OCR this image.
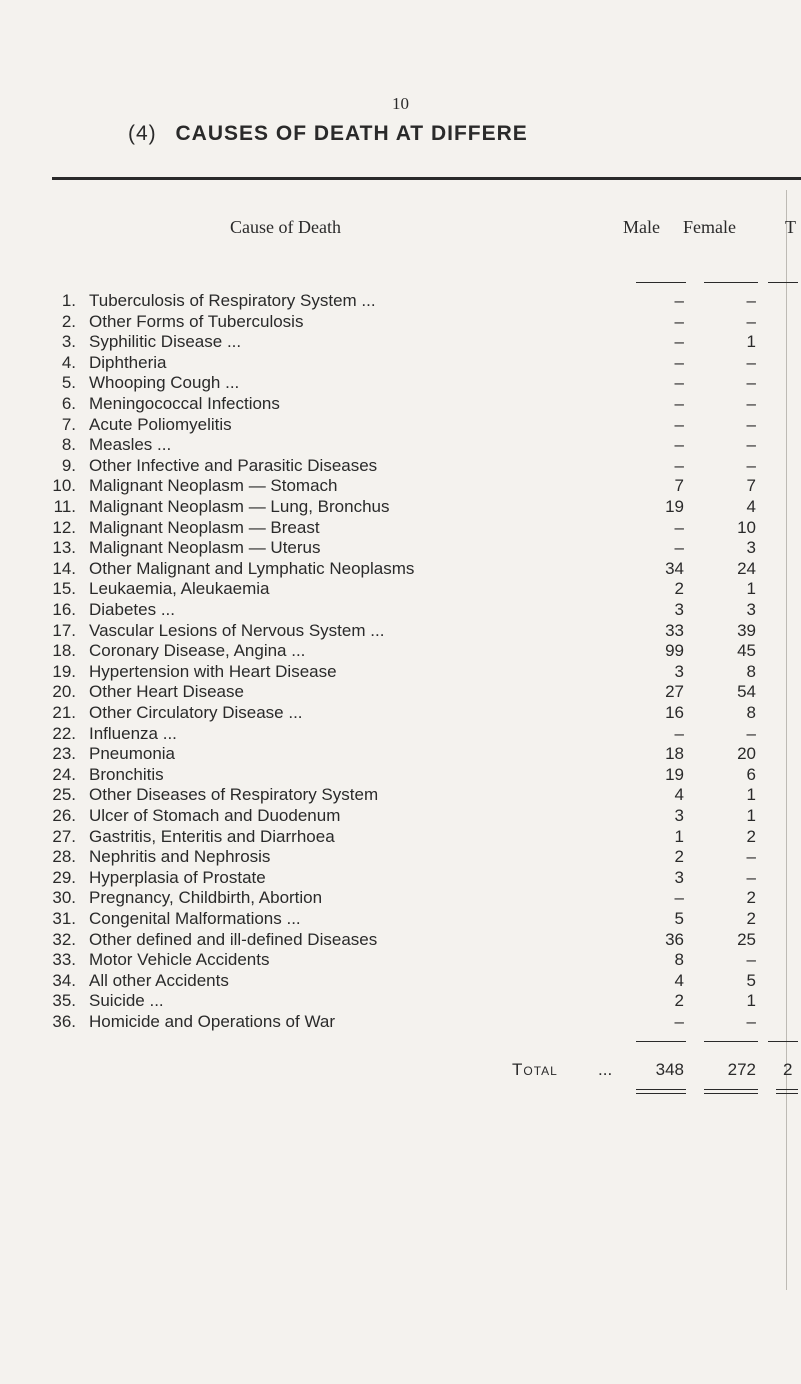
10
(4) CAUSES OF DEATH AT DIFFERE
Cause of Death	Male Female	T
1. Tuberculosis of Respiratory System ...	–	–
2. Other Forms of Tuberculosis	–	–
3. Syphilitic Disease ...	–	1
4. Diphtheria	–	–
5. Whooping Cough ...	–	–
6. Meningococcal Infections	–	–
7. Acute Poliomyelitis	–	–
8. Measles ...	–	–
9. Other Infective and Parasitic Diseases	–	–
10. Malignant Neoplasm — Stomach	7	7
11. Malignant Neoplasm — Lung, Bronchus	19	4
12. Malignant Neoplasm — Breast	–	10
13. Malignant Neoplasm — Uterus	–	3
14. Other Malignant and Lymphatic Neoplasms	34	24
15. Leukaemia, Aleukaemia	2	1
16. Diabetes ...	3	3
17. Vascular Lesions of Nervous System ...	33	39
18. Coronary Disease, Angina ...	99	45
19. Hypertension with Heart Disease	3	8
20. Other Heart Disease	27	54
21. Other Circulatory Disease ...	16	8
22. Influenza ...	–	–
23. Pneumonia	18	20
24. Bronchitis	19	6
25. Other Diseases of Respiratory System	4	1
26. Ulcer of Stomach and Duodenum	3	1
27. Gastritis, Enteritis and Diarrhoea	1	2
28. Nephritis and Nephrosis	2	–
29. Hyperplasia of Prostate	3	–
30. Pregnancy, Childbirth, Abortion	–	2
31. Congenital Malformations ...	5	2
32. Other defined and ill-defined Diseases	36	25
33. Motor Vehicle Accidents	8	–
34. All other Accidents	4	5
35. Suicide ...	2	1
36. Homicide and Operations of War	–	–
Total ...	348	272 2
